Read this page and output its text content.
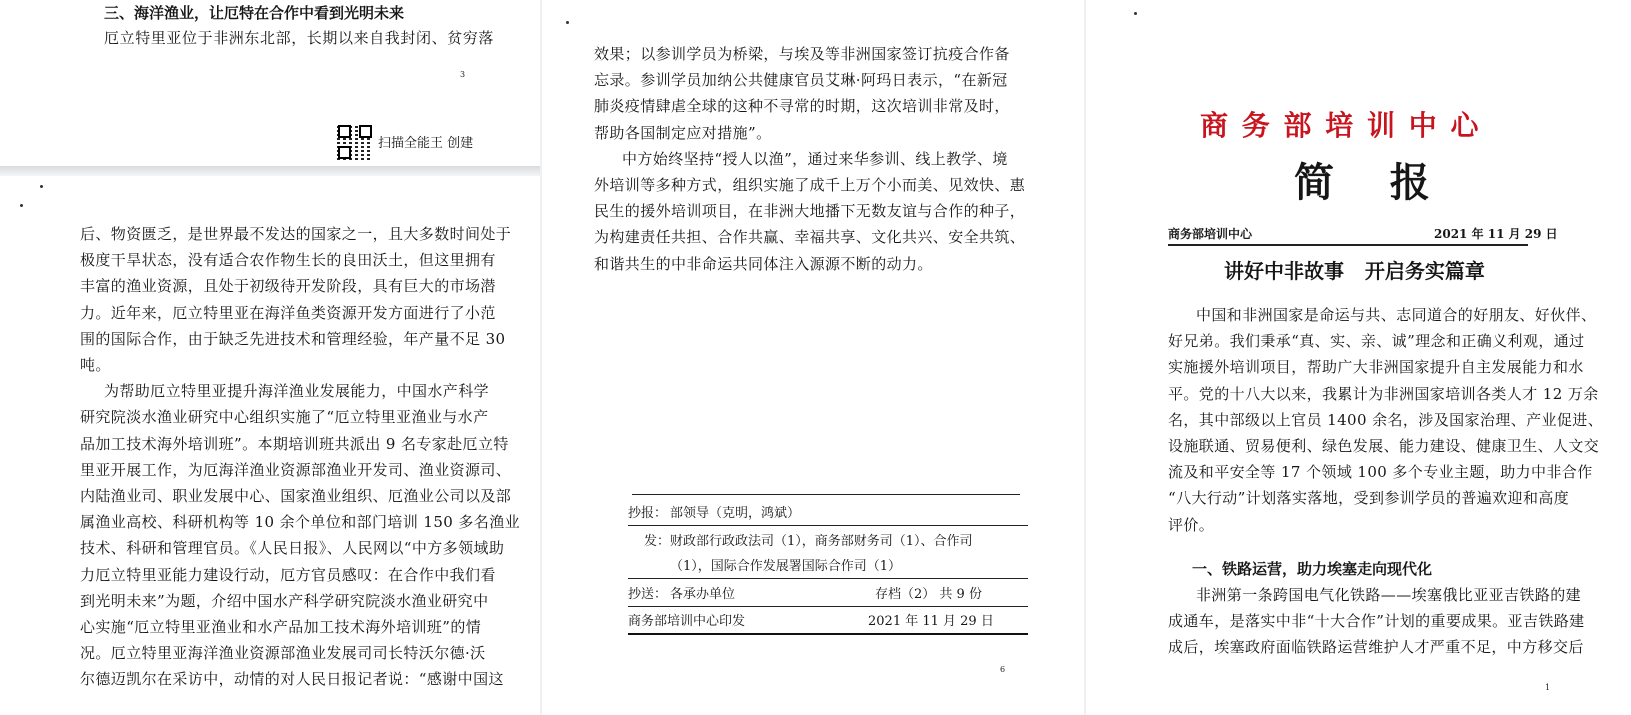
三、海洋渔业，让厄特在合作中看到光明未来
厄立特里亚位于非洲东北部，长期以来自我封闭、贫穷落
3
扫描全能王 创建
后、物资匮乏，是世界最不发达的国家之一，且大多数时间处于
极度干旱状态，没有适合农作物生长的良田沃土，但这里拥有
丰富的渔业资源，且处于初级待开发阶段，具有巨大的市场潜
力。近年来，厄立特里亚在海洋鱼类资源开发方面进行了小范
围的国际合作，由于缺乏先进技术和管理经验，年产量不足 30
吨。
为帮助厄立特里亚提升海洋渔业发展能力，中国水产科学
研究院淡水渔业研究中心组织实施了“厄立特里亚渔业与水产
品加工技术海外培训班”。本期培训班共派出 9 名专家赴厄立特
里亚开展工作，为厄海洋渔业资源部渔业开发司、渔业资源司、
内陆渔业司、职业发展中心、国家渔业组织、厄渔业公司以及部
属渔业高校、科研机构等 10 余个单位和部门培训 150 多名渔业
技术、科研和管理官员。《人民日报》、人民网以“中方多领域助
力厄立特里亚能力建设行动，厄方官员感叹：在合作中我们看
到光明未来”为题，介绍中国水产科学研究院淡水渔业研究中
心实施“厄立特里亚渔业和水产品加工技术海外培训班”的情
况。厄立特里亚海洋渔业资源部渔业发展司司长特沃尔德·沃
尔德迈凯尔在采访中，动情的对人民日报记者说：“感谢中国这
效果；以参训学员为桥梁，与埃及等非洲国家签订抗疫合作备
忘录。参训学员加纳公共健康官员艾琳·阿玛日表示，“在新冠
肺炎疫情肆虐全球的这种不寻常的时期，这次培训非常及时，
帮助各国制定应对措施”。
中方始终坚持“授人以渔”，通过来华参训、线上教学、境
外培训等多种方式，组织实施了成千上万个小而美、见效快、惠
民生的援外培训项目，在非洲大地播下无数友谊与合作的种子，
为构建责任共担、合作共赢、幸福共享、文化共兴、安全共筑、
和谐共生的中非命运共同体注入源源不断的动力。
抄报： 部领导（克明，鸿斌）
发： 财政部行政政法司（1），商务部财务司（1）、合作司
（1），国际合作发展署国际合作司（1）
抄送： 各承办单位	存档（2） 共 9 份
商务部培训中心印发	2021 年 11 月 29 日
6
商 务 部 培 训 中 心
简    报
商务部培训中心	2021 年 11 月 29 日
讲好中非故事   开启务实篇章
中国和非洲国家是命运与共、志同道合的好朋友、好伙伴、
好兄弟。我们秉承“真、实、亲、诚”理念和正确义利观，通过
实施援外培训项目，帮助广大非洲国家提升自主发展能力和水
平。党的十八大以来，我累计为非洲国家培训各类人才 12 万余
名，其中部级以上官员 1400 余名，涉及国家治理、产业促进、
设施联通、贸易便利、绿色发展、能力建设、健康卫生、人文交
流及和平安全等 17 个领域 100 多个专业主题，助力中非合作
“八大行动”计划落实落地，受到参训学员的普遍欢迎和高度
评价。
一、铁路运营，助力埃塞走向现代化
非洲第一条跨国电气化铁路——埃塞俄比亚亚吉铁路的建
成通车，是落实中非“十大合作”计划的重要成果。亚吉铁路建
成后，埃塞政府面临铁路运营维护人才严重不足，中方移交后
1
